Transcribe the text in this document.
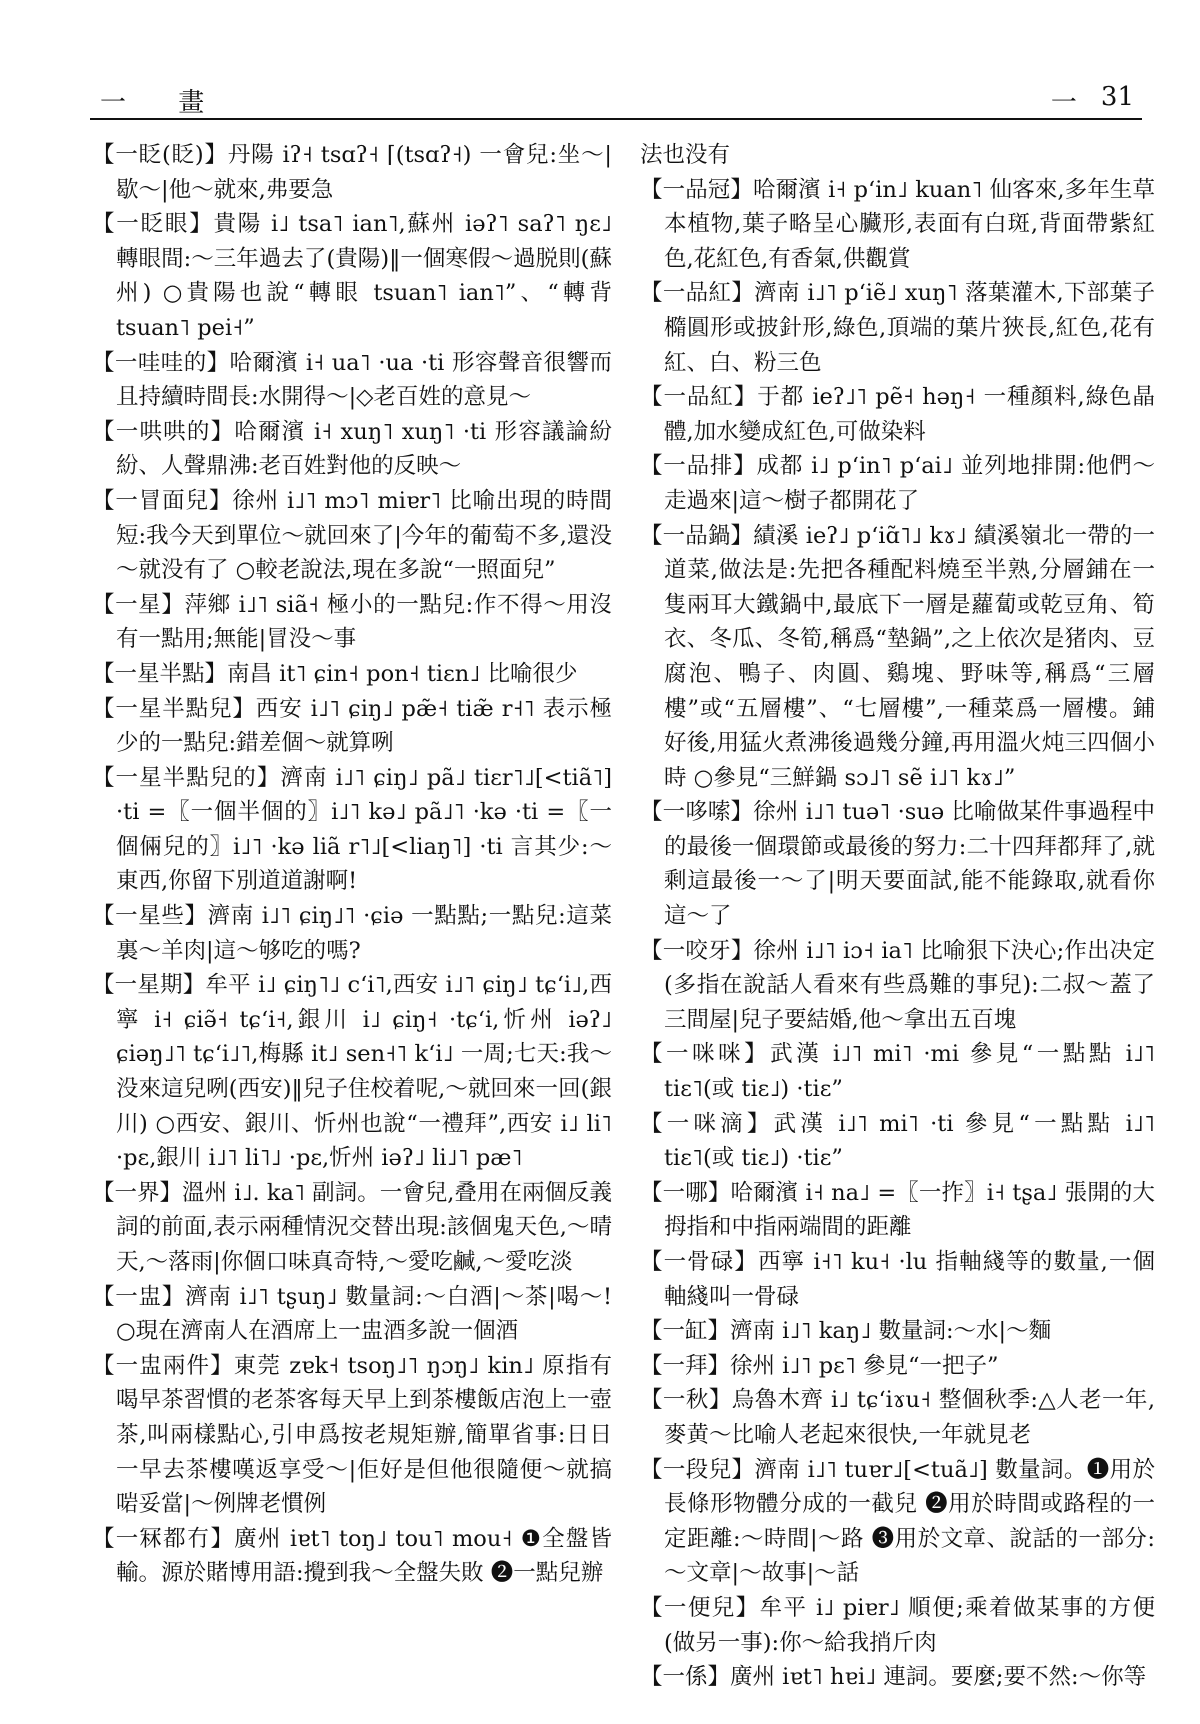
一 畫	一 31

【一眨(眨)】丹陽 iʔ˧ tsɑʔ˧ ⌈(tsɑʔ˧) 一會兒:坐～|歇～|他～就來,弗要急

【一眨眼】貴陽 i˩ tsa˥ ian˥,蘇州 iəʔ˥ saʔ˥ ŋɛ˩ 轉眼間:～三年過去了(貴陽)‖一個寒假～過脱則(蘇州) ○貴陽也說“轉眼 tsuan˥ ian˥”、“轉背 tsuan˥ pei˧”

【一哇哇的】哈爾濱 i˧ ua˥ ·ua ·ti 形容聲音很響而且持續時間長:水開得～|◇老百姓的意見～

【一哄哄的】哈爾濱 i˧ xuŋ˥ xuŋ˥ ·ti 形容議論紛紛、人聲鼎沸:老百姓對他的反映～

【一冒面兒】徐州 i˩˥ mɔ˥ miɐr˥ 比喻出現的時間短:我今天到單位～就回來了|今年的葡萄不多,還没～就没有了 ○較老說法,現在多說“一照面兒”

【一星】萍鄉 i˩˥ siã˧ 極小的一點兒:作不得～用沒有一點用;無能|冒没～事

【一星半點】南昌 it˥ ɕin˧ pon˧ tiɛn˩ 比喻很少

【一星半點兒】西安 i˩˥ ɕiŋ˩ pæ̃˧ tiæ̃ r˧˥ 表示極少的一點兒:錯差個～就算咧

【一星半點兒的】濟南 i˩˥ ɕiŋ˩ pã˩ tiɛr˥˩[<tiã˥] ·ti =〖一個半個的〗i˩˥ kə˩ pã˩˥ ·kə ·ti =〖一個倆兒的〗i˩˥ ·kə liã r˥˩[<liaŋ˥] ·ti 言其少:～東西,你留下別道道謝啊!

【一星些】濟南 i˩˥ ɕiŋ˩˥ ·ɕiə 一點點;一點兒:這菜裏～羊肉|這～够吃的嗎?

【一星期】牟平 i˩ ɕiŋ˥˩ cʻi˥,西安 i˩˥ ɕiŋ˩ tɕʻi˩,西寧 i˧ ɕiə̃˧ tɕʻi˧,銀川 i˩ ɕiŋ˧ ·tɕʻi,忻州 iəʔ˩ ɕiəŋ˩˥ tɕʻi˩˥,梅縣 it˩ sen˧˥ kʻi˩ 一周;七天:我～没來這兒咧(西安)‖兒子住校着呢,～就回來一回(銀川) ○西安、銀川、忻州也說“一禮拜”,西安 i˩ li˥ ·pɛ,銀川 i˩˥ li˥˩ ·pɛ,忻州 iəʔ˩ li˩˥ pæ˥

【一界】溫州 i˩. ka˥ 副詞。一會兒,叠用在兩個反義詞的前面,表示兩種情況交替出現:該個鬼天色,～晴天,～落雨|你個口味真奇特,～愛吃鹹,～愛吃淡

【一盅】濟南 i˩˥ tʂuŋ˩ 數量詞:～白酒|～茶|喝～! ○現在濟南人在酒席上一盅酒多說一個酒

【一盅兩件】東莞 zɐk˧ tsoŋ˩˥ ŋɔŋ˩ kin˩ 原指有喝早茶習慣的老茶客每天早上到茶樓飯店泡上一壺茶,叫兩樣點心,引申爲按老規矩辦,簡單省事:日日一早去茶樓嘆返享受～|佢好是但他很隨便～就搞啱妥當|～例牌老慣例

【一冧都冇】廣州 iɐt˥ toŋ˩ tou˥ mou˧ ❶全盤皆輸。源於賭博用語:攪到我～全盤失敗 ❷一點兒辦

法也没有

【一品冠】哈爾濱 i˧ pʻin˩ kuan˥ 仙客來,多年生草本植物,葉子略呈心臟形,表面有白斑,背面帶紫紅色,花紅色,有香氣,供觀賞

【一品紅】濟南 i˩˥ pʻiẽ˩ xuŋ˥ 落葉灌木,下部葉子橢圓形或披針形,綠色,頂端的葉片狹長,紅色,花有紅、白、粉三色

【一品紅】于都 ieʔ˩˥ pẽ˧ həŋ˧ 一種顏料,綠色晶體,加水變成紅色,可做染料

【一品排】成都 i˩ pʻin˥ pʻai˩ 並列地排開:他們～走過來|這～樹子都開花了

【一品鍋】績溪 ieʔ˩ pʻiɑ̃˥˩ kɤ˩ 績溪嶺北一帶的一道菜,做法是:先把各種配料燒至半熟,分層鋪在一隻兩耳大鐵鍋中,最底下一層是蘿蔔或乾豆角、筍衣、冬瓜、冬筍,稱爲“墊鍋”,之上依次是猪肉、豆腐泡、鴨子、肉圓、鷄塊、野味等,稱爲“三層樓”或“五層樓”、“七層樓”,一種菜爲一層樓。鋪好後,用猛火煮沸後過幾分鐘,再用溫火炖三四個小時 ○參見“三鮮鍋 sɔ˩˥ sẽ i˩˥ kɤ˩”

【一哆嗦】徐州 i˩˥ tuə˥ ·suə 比喻做某件事過程中的最後一個環節或最後的努力:二十四拜都拜了,就剩這最後一～了|明天要面試,能不能錄取,就看你這～了

【一咬牙】徐州 i˩˥ iɔ˧ ia˥ 比喻狠下決心;作出决定(多指在說話人看來有些爲難的事兒):二叔～蓋了三間屋|兒子要結婚,他～拿出五百塊

【一咪咪】武漢 i˩˥ mi˥ ·mi 參見“一點點 i˩˥ tiɛ˥(或 tiɛ˩) ·tiɛ”

【一咪滴】武漢 i˩˥ mi˥ ·ti 參見“一點點 i˩˥ tiɛ˥(或 tiɛ˩) ·tiɛ”

【一哪】哈爾濱 i˧ na˩ =〖一拃〗i˧ tʂa˩ 張開的大拇指和中指兩端間的距離

【一骨碌】西寧 i˧˥ ku˧ ·lu 指軸綫等的數量,一個軸綫叫一骨碌

【一缸】濟南 i˩˥ kaŋ˩ 數量詞:～水|～麵

【一拜】徐州 i˩˥ pɛ˥ 參見“一把子”

【一秋】烏魯木齊 i˩ tɕʻiɤu˧ 整個秋季:△人老一年,麥黄～比喻人老起來很快,一年就見老

【一段兒】濟南 i˩˥ tuɐr˩[<tuã˩] 數量詞。❶用於長條形物體分成的一截兒 ❷用於時間或路程的一定距離:～時間|～路 ❸用於文章、說話的一部分:～文章|～故事|～話

【一便兒】牟平 i˩ piɐr˩ 順便;乘着做某事的方便(做另一事):你～給我捎斤肉

【一係】廣州 iɐt˥ hɐi˩ 連詞。要麼;要不然:～你等
